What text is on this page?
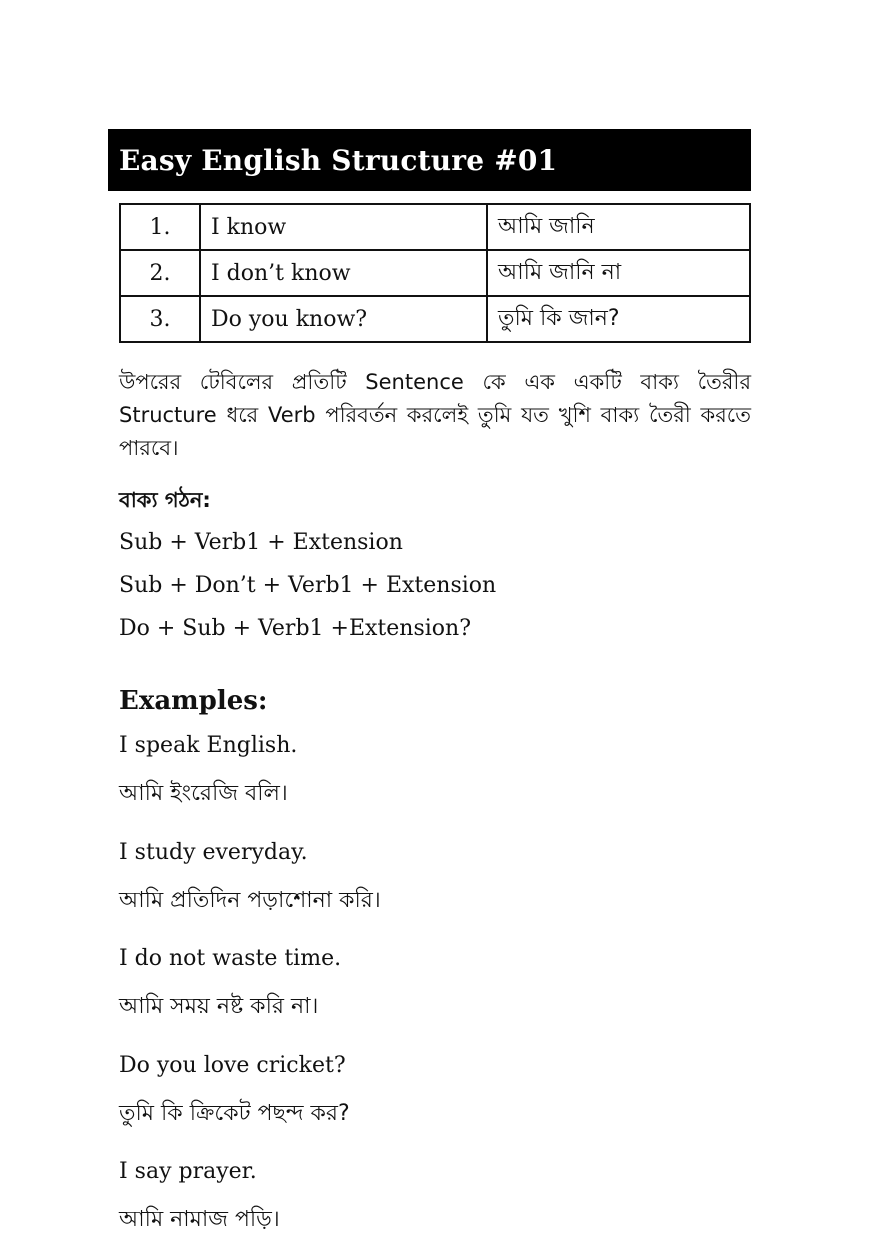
Easy English Structure #01
1.	I know	আমি জানি
2.	I don’t know	আমি জানি না
3.	Do you know?	তুমি কি জান?

উপরের টেবিলের প্রতিটি Sentence কে এক একটি বাক্য তৈরীর Structure ধরে Verb পরিবর্তন করলেই তুমি যত খুশি বাক্য তৈরী করতে পারবে।

বাক্য গঠন:

Sub + Verb1 + Extension

Sub + Don’t + Verb1 + Extension

Do + Sub + Verb1 +Extension?

Examples:

I speak English.

আমি ইংরেজি বলি।

I study everyday.

আমি প্রতিদিন পড়াশোনা করি।

I do not waste time.

আমি সময় নষ্ট করি না।

Do you love cricket?

তুমি কি ক্রিকেট পছন্দ কর?

I say prayer.

আমি নামাজ পড়ি।
